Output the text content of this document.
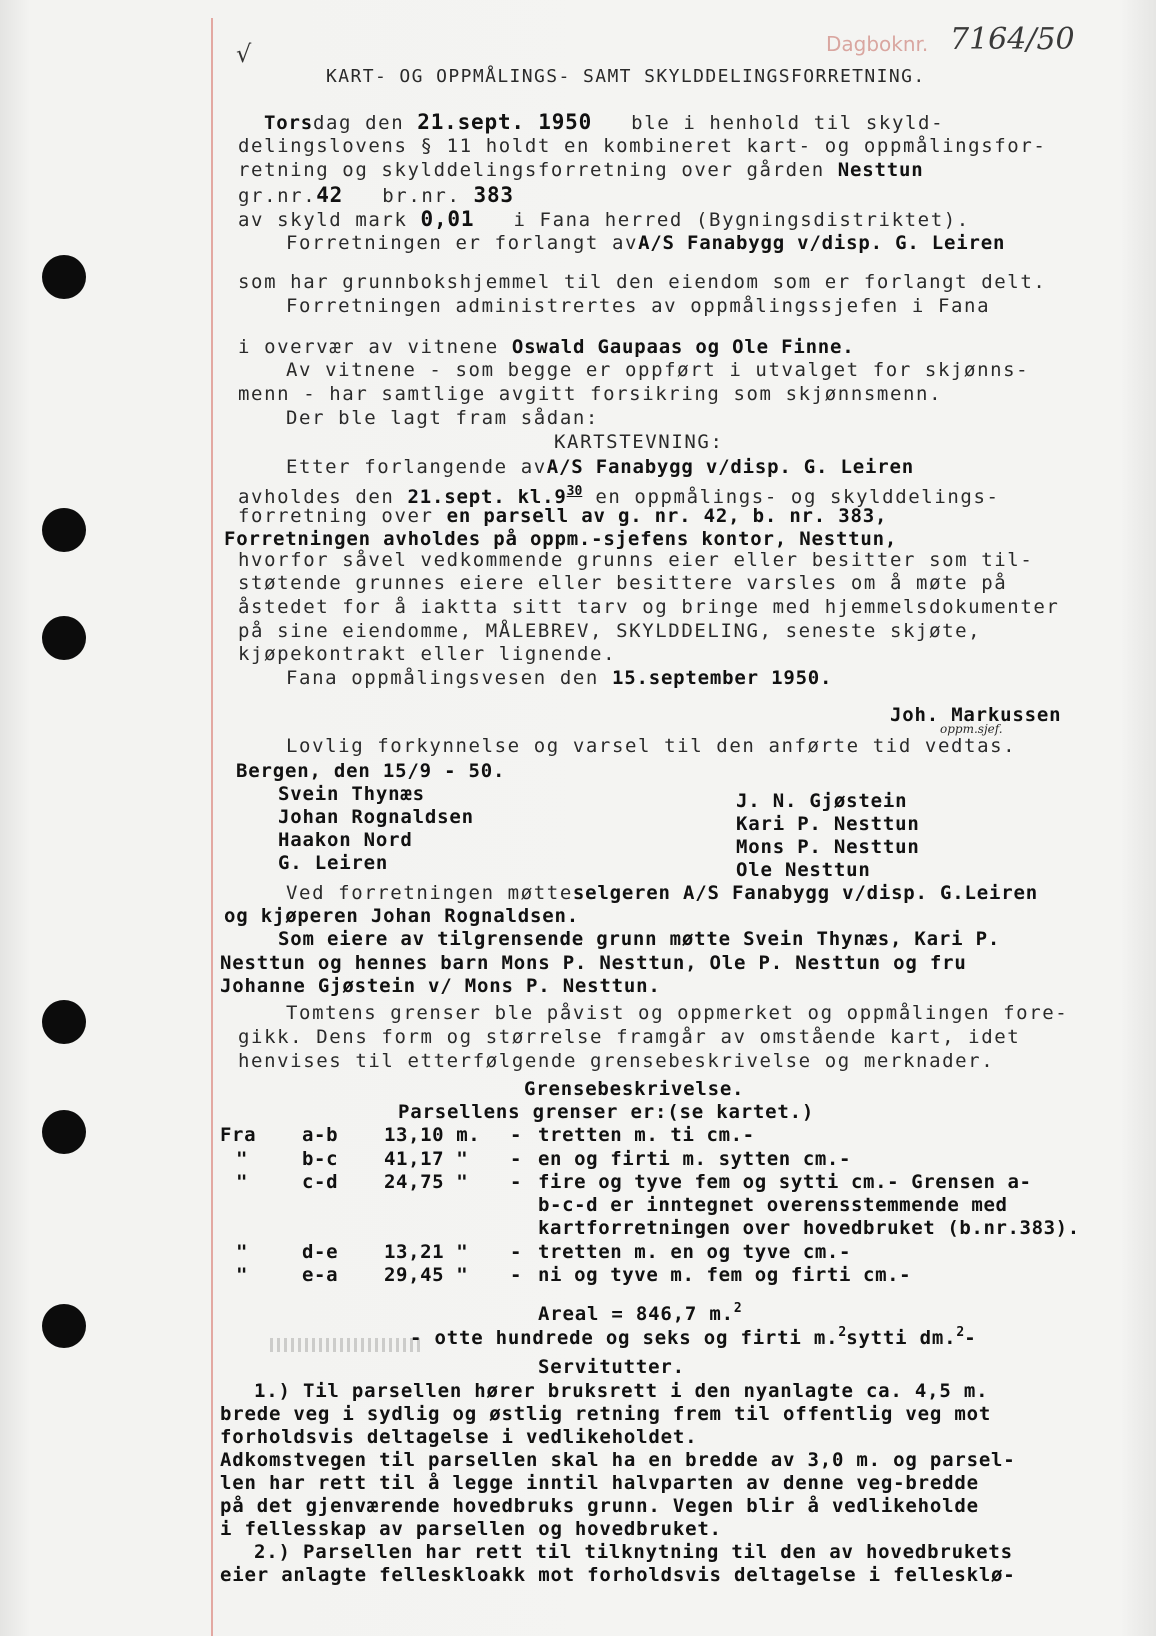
Dagboknr. 7164/50
√
KART- OG OPPMÅLINGS- SAMT SKYLDDELINGSFORRETNING.
Torsdag den 21.sept. 1950 ble i henhold til skyld-
delingslovens § 11 holdt en kombineret kart- og oppmålingsfor-
retning og skylddelingsforretning over gården Nesttun
gr.nr.42 br.nr. 383
av skyld mark 0,01 i Fana herred (Bygningsdistriktet).
Forretningen er forlangt avA/S Fanabygg v/disp. G. Leiren
som har grunnbokshjemmel til den eiendom som er forlangt delt.
Forretningen administrertes av oppmålingssjefen i Fana
i overvær av vitnene Oswald Gaupaas og Ole Finne.
Av vitnene - som begge er oppført i utvalget for skjønns-
menn - har samtlige avgitt forsikring som skjønnsmenn.
Der ble lagt fram sådan:
KARTSTEVNING:
Etter forlangende avA/S Fanabygg v/disp. G. Leiren
avholdes den 21.sept. $kl.9^{30}$ en oppmålings- og skylddelings-
forretning over en parsell av g. nr. 42, b. nr. 383,
Forretningen avholdes på oppm.-sjefens kontor, Nesttun,
hvorfor såvel vedkommende grunns eier eller besitter som til-
støtende grunnes eiere eller besittere varsles om å møte på
åstedet for å iaktta sitt tarv og bringe med hjemmelsdokumenter
på sine eiendomme, MÅLEBREV, SKYLDDELING, seneste skjøte,
kjøpekontrakt eller lignende.
Fana oppmålingsvesen den 15.september 1950.
Joh. Markussen
oppm.sjef.
Lovlig forkynnelse og varsel til den anførte tid vedtas.
Bergen, den 15/9 - 50.
Svein Thynæs
Johan Rognaldsen
Haakon Nord
G. Leiren
J. N. Gjøstein
Kari P. Nesttun
Mons P. Nesttun
Ole Nesttun
Ved forretningen møtteselgeren A/S Fanabygg v/disp. G.Leiren
og kjøperen Johan Rognaldsen.
Som eiere av tilgrensende grunn møtte Svein Thynæs, Kari P.
Nesttun og hennes barn Mons P. Nesttun, Ole P. Nesttun og fru
Johanne Gjøstein v/ Mons P. Nesttun.
Tomtens grenser ble påvist og oppmerket og oppmålingen fore-
gikk. Dens form og størrelse framgår av omstående kart, idet
henvises til etterfølgende grensebeskrivelse og merknader.
Grensebeskrivelse.
Parsellens grenser er:(se kartet.)
Fra a-b 13,10 m. - tretten m. ti cm.-
"	b-c 41,17 " - en og firti m. sytten cm.-
"	c-d 24,75 " - fire og tyve fem og sytti cm.- Grensen a-
b-c-d er inntegnet overensstemmende med
kartforretningen over hovedbruket (b.nr.383).
"	d-e 13,21 " - tretten m. en og tyve cm.-
"	e-a 29,45 " - ni og tyve m. fem og firti cm.-
Areal = 846,7 m.$^2$
- otte hundrede og seks og firti m.$^2$sytti dm.$^2$-
Servitutter.
1.) Til parsellen hører bruksrett i den nyanlagte ca. 4,5 m.
brede veg i sydlig og østlig retning frem til offentlig veg mot
forholdsvis deltagelse i vedlikeholdet.
Adkomstvegen til parsellen skal ha en bredde av 3,0 m. og parsel-
len har rett til å legge inntil halvparten av denne veg-bredde
på det gjenværende hovedbruks grunn. Vegen blir å vedlikeholde
i fellesskap av parsellen og hovedbruket.
2.) Parsellen har rett til tilknytning til den av hovedbrukets
eier anlagte felleskloakk mot forholdsvis deltagelse i fellesklø-
